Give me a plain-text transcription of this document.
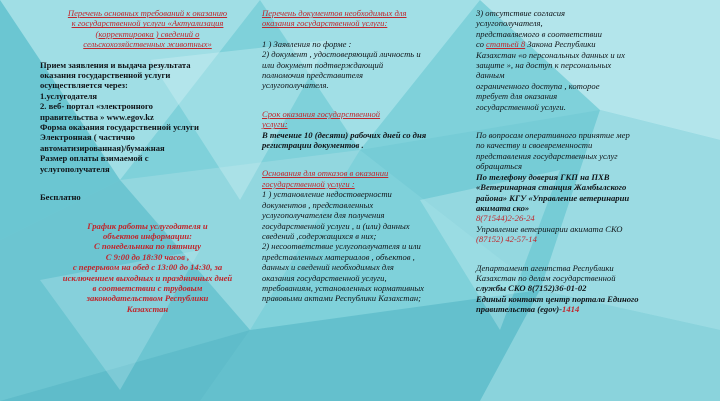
Перечень основных требований к оказанию

к государственной услуги «Актуализация

(корректировка ) сведений о

сельскохозяйственных животных»

Прием заявления и выдача результата

оказания государственной услуги

осуществляется через:

1.услугодателя

2. веб- портал «электронного

правительства » www.egov.kz

Форма оказания государственной услуги

Электронная ( частично

автоматизированная)/бумажная

Размер оплаты взимаемой с

услугополучателя

Бесплатно

График работы услугодателя и

объектов информации:

С понедельника по пятницу

С 9:00 до 18:30 часов ,

с перерывом на обед с 13:00 до 14:30, за

исключением выходных и праздничных дней

в соответствии с трудовым

законодательством Республики

Казахстан

Перечень документов необходимых для

оказания государственной услуги:

1 ) Заявления по форме :

2) документ , удостоверяющий личность и

или документ подтверждающий

полномочия представителя

услугополучателя.

Срок оказания государственной

услуги:

В течение 10 (десяти) рабочих дней со дня

регистрации документов .

Основания для отказов в оказании

государственной услуги :

1 ) установление недостоверности

документов , представленных

услугополучателем для получения

государственной услуги , и (или) данных

сведений ,содержащихся в них;

2) несоответствие услугополучателя и или

представленных материалов , объектов ,

данных и сведений необходимых для

оказания государственной услуги,

требованиям, установленных нормативных

правовыми актами Республики Казахстан;

3) отсутствие согласия

услугополучателя,

представляемого в соответствии

со статьей 8 Закона Республики

Казахстан «о персональных данных и их

защите », на доступ к персональных

данным

ограниченного доступа , которое

требует для оказания

государственной услуги.

По вопросам оперативного принятие мер

по качеству и своевременности

представления государственных услуг

обращаться

По телефону доверия ГКП на ПХВ

«Ветеринарная станция Жамбылского

района» КГУ «Управление ветеринарии

акимата ско»

8(71544)2-26-24

Управление ветеринарии акимата СКО

(87152) 42-57-14

Департамент агентства Республики

Казахстан по делам государственной

службы СКО 8(7152)36-01-02

Единый контакт центр портала Единого

правительства (egov)-1414
